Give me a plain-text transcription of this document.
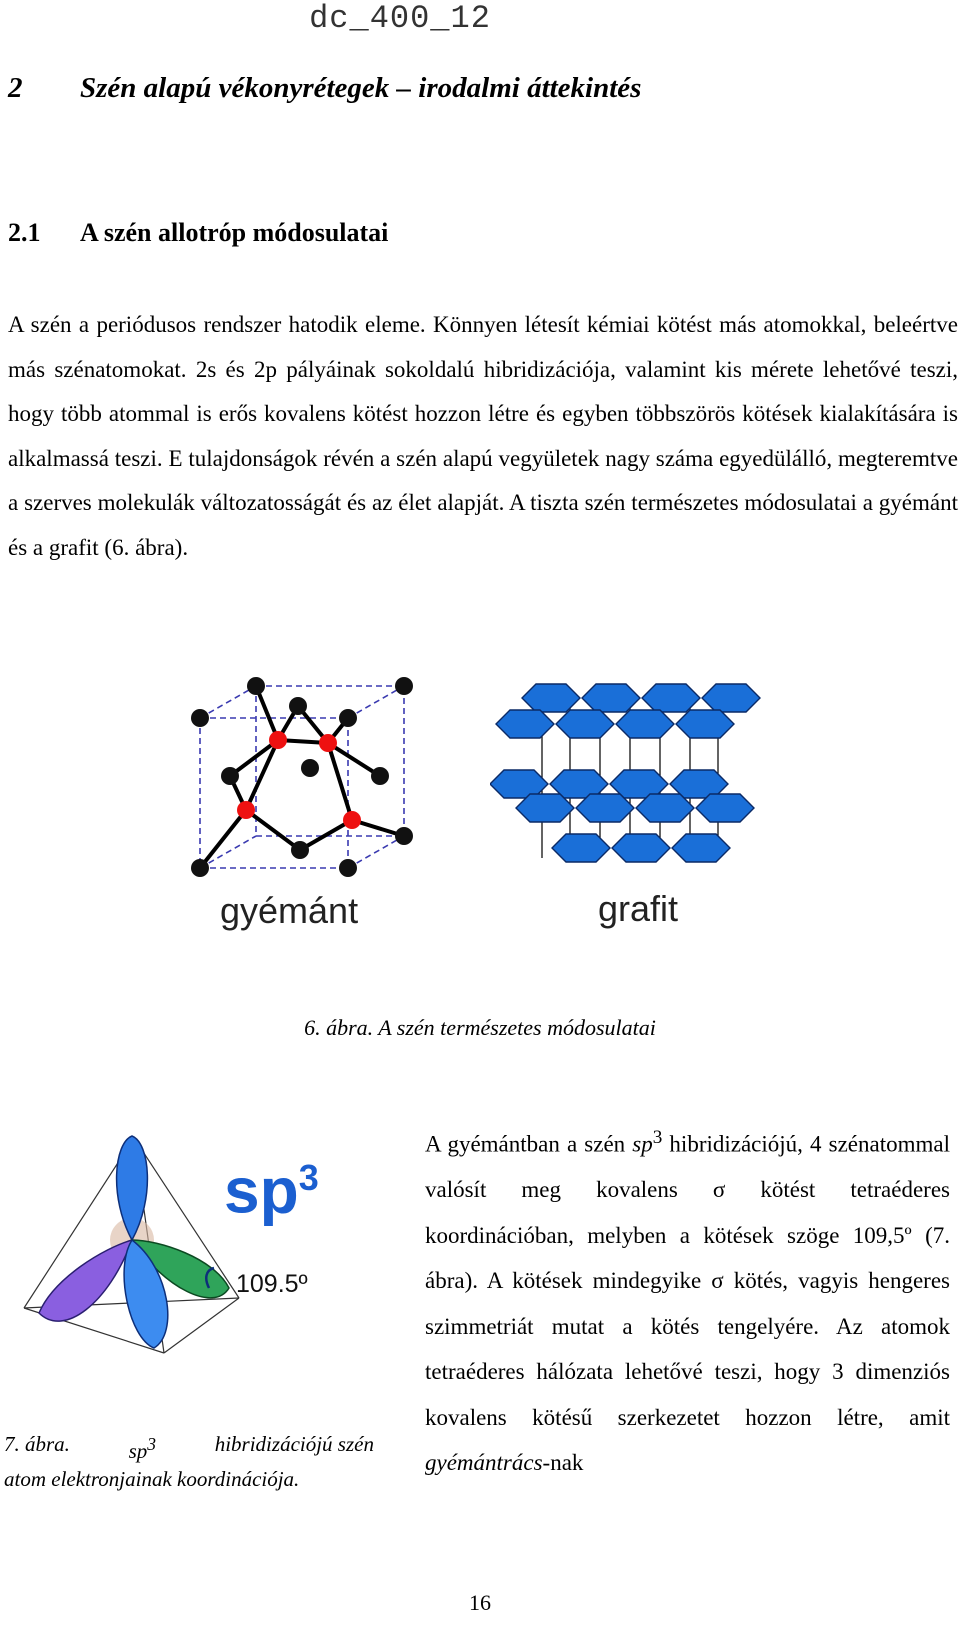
dc_400_12
2 Szén alapú vékonyrétegek – irodalmi áttekintés
2.1 A szén allotróp módosulatai
A szén a periódusos rendszer hatodik eleme. Könnyen létesít kémiai kötést más atomokkal, beleértve más szénatomokat. 2s és 2p pályáinak sokoldalú hibridizációja, valamint kis mérete lehetővé teszi, hogy több atommal is erős kovalens kötést hozzon létre és egyben többszörös kötések kialakítására is alkalmassá teszi. E tulajdonságok révén a szén alapú vegyületek nagy száma egyedülálló, megteremtve a szerves molekulák változatosságát és az élet alapját. A tiszta szén természetes módosulatai a gyémánt és a grafit (6. ábra).
gyémánt	grafit
6. ábra. A szén természetes módosulatai
$sp^3$
109.5º
7. ábra.	$sp^3$	hibridizációjú szén
atom elektronjainak koordinációja.
A gyémántban a szén $sp^3$ hibridizációjú, 4 szénatommal valósít meg kovalens σ kötést tetraéderes koordinációban, melyben a kötések szöge 109,5º (7. ábra). A kötések mindegyike σ kötés, vagyis hengeres szimmetriát mutat a kötés tengelyére. Az atomok tetraéderes hálózata lehetővé teszi, hogy 3 dimenziós kovalens kötésű szerkezetet hozzon létre, amit gyémántrács-nak
16
